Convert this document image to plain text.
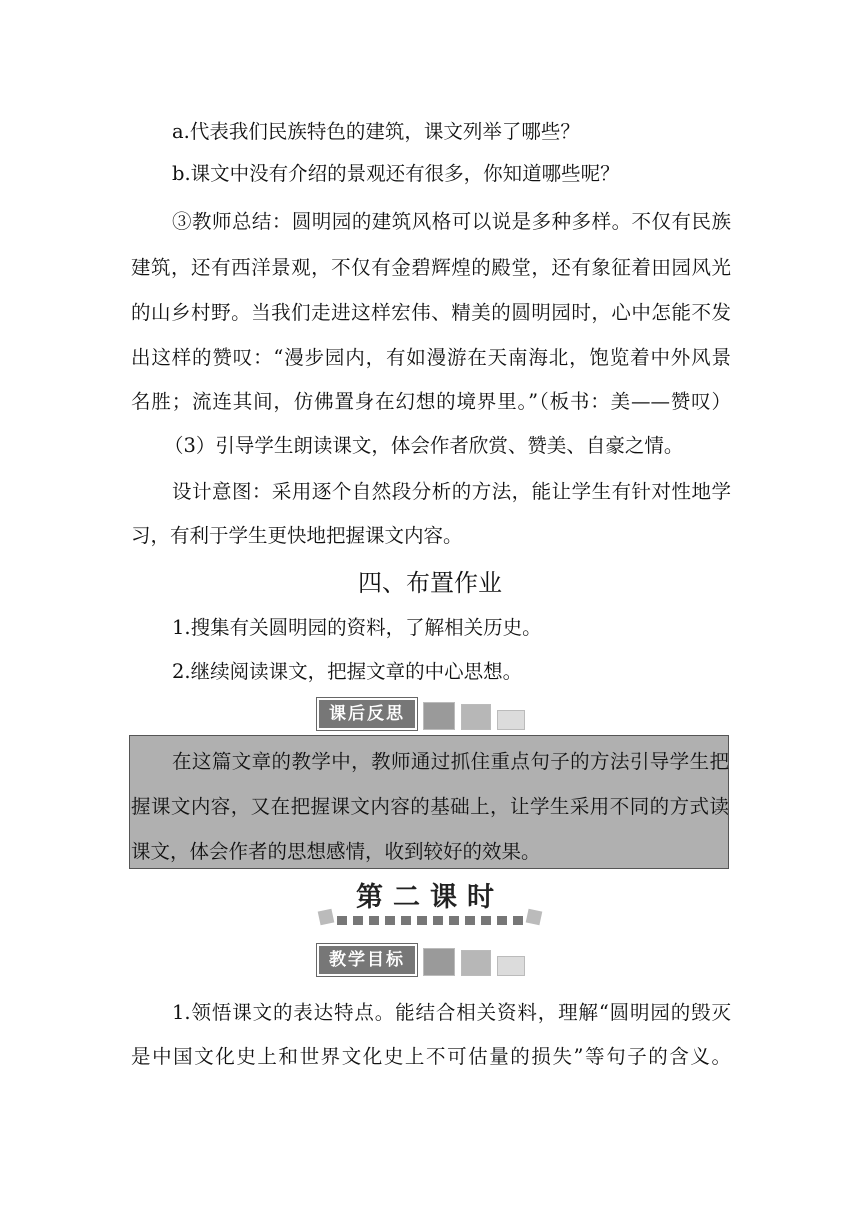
a.代表我们民族特色的建筑，课文列举了哪些？
b.课文中没有介绍的景观还有很多，你知道哪些呢？
③教师总结：圆明园的建筑风格可以说是多种多样。不仅有民族
建筑，还有西洋景观，不仅有金碧辉煌的殿堂，还有象征着田园风光
的山乡村野。当我们走进这样宏伟、精美的圆明园时，心中怎能不发
出这样的赞叹：“漫步园内，有如漫游在天南海北，饱览着中外风景
名胜；流连其间，仿佛置身在幻想的境界里。”（板书：美——赞叹）
（3）引导学生朗读课文，体会作者欣赏、赞美、自豪之情。
设计意图：采用逐个自然段分析的方法，能让学生有针对性地学
习，有利于学生更快地把握课文内容。
四、布置作业
1.搜集有关圆明园的资料，了解相关历史。
2.继续阅读课文，把握文章的中心思想。
课后反思
在这篇文章的教学中，教师通过抓住重点句子的方法引导学生把
握课文内容，又在把握课文内容的基础上，让学生采用不同的方式读
课文，体会作者的思想感情，收到较好的效果。
第二课时
教学目标
1.领悟课文的表达特点。能结合相关资料，理解“圆明园的毁灭
是中国文化史上和世界文化史上不可估量的损失”等句子的含义。
